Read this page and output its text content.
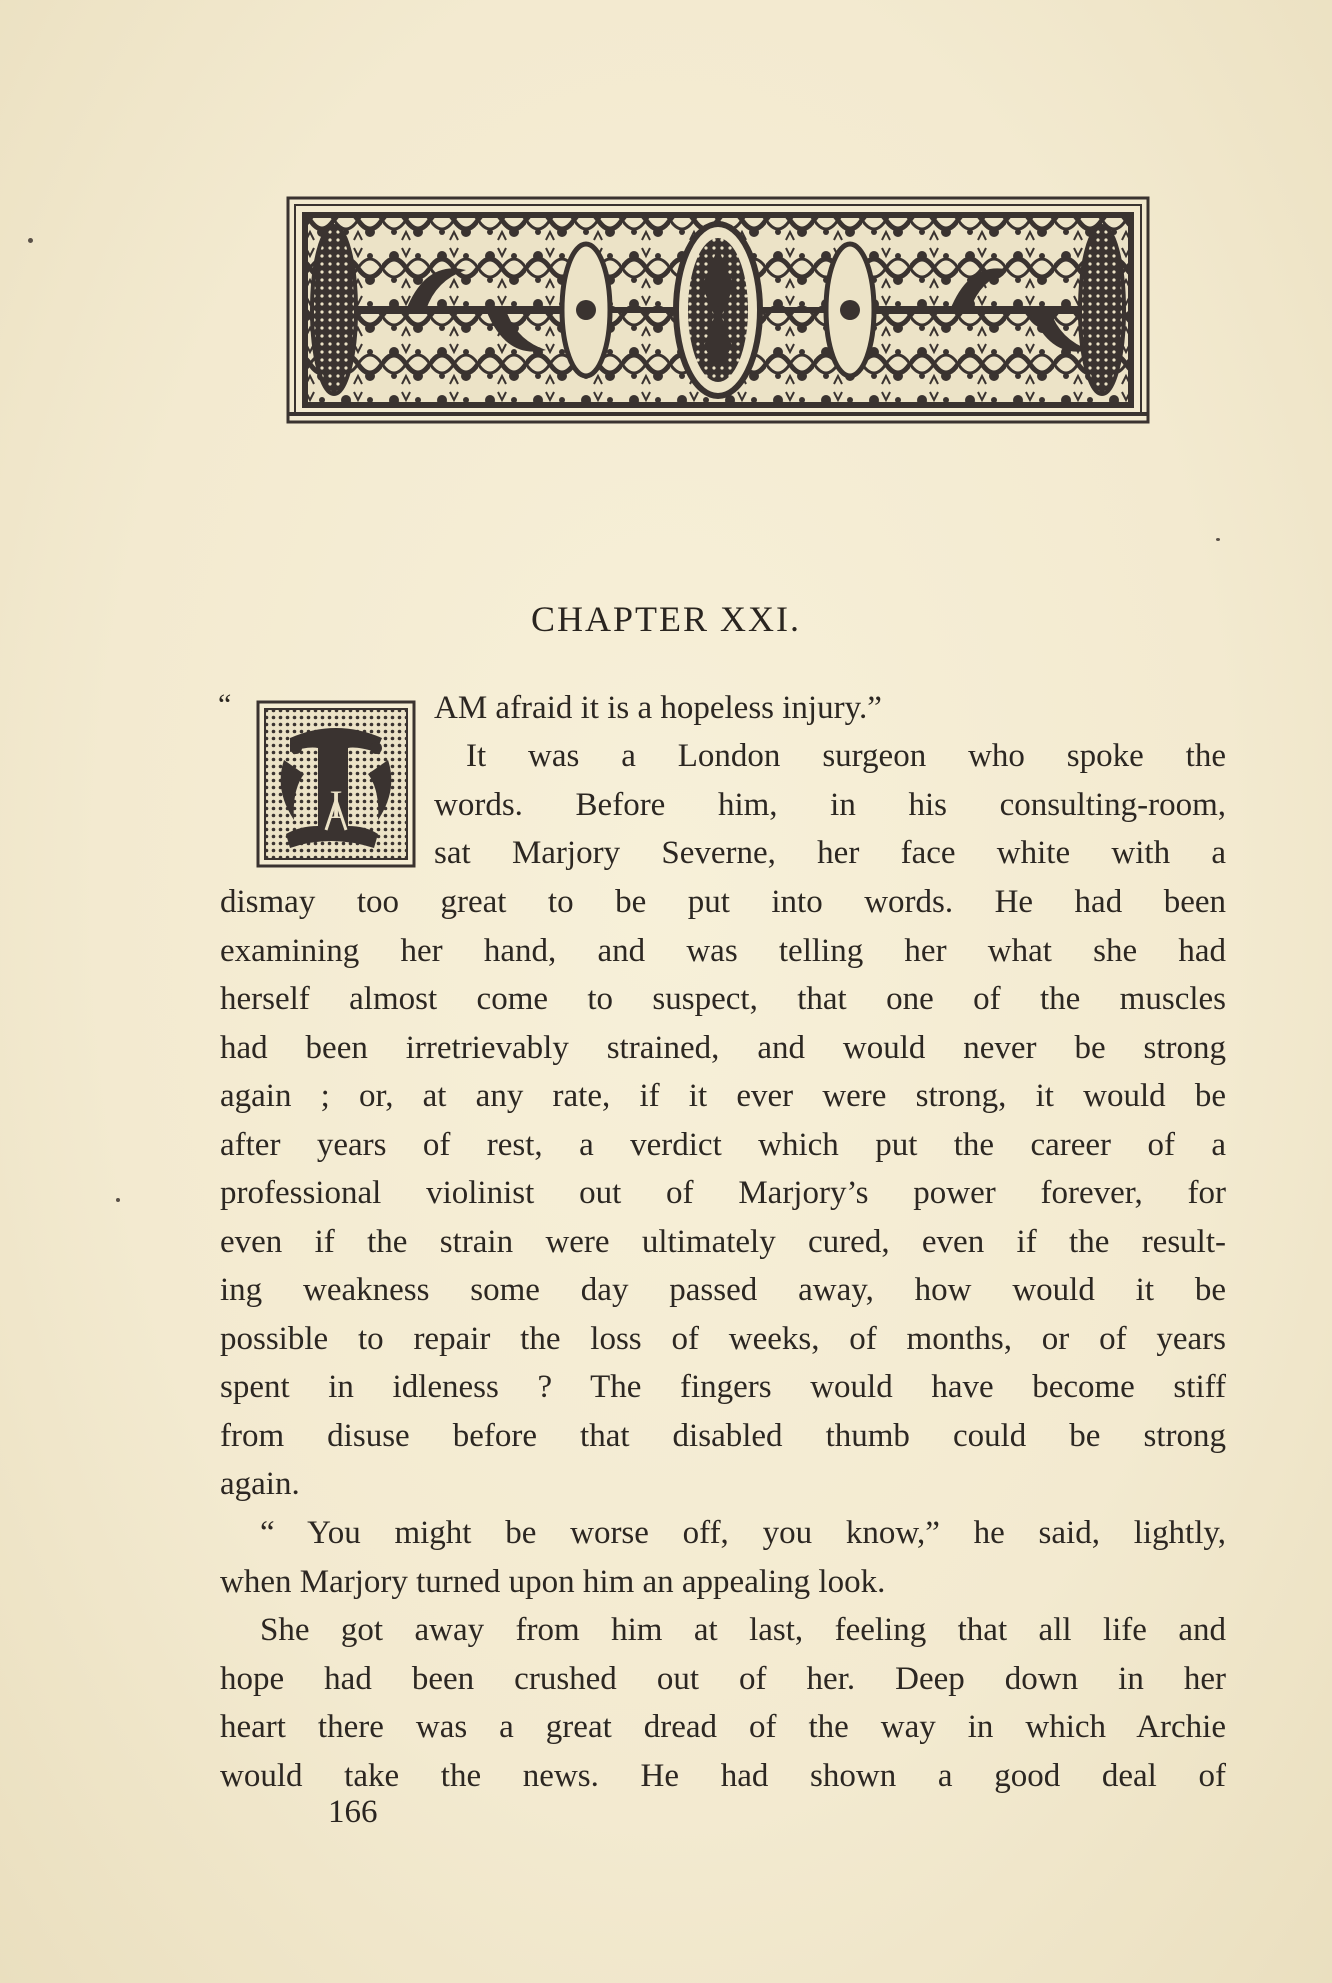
CHAPTER XXI.
“
I
AM afraid it is a hopeless injury.”
It was a London surgeon who spoke the
words. Before him, in his consulting-room,
sat Marjory Severne, her face white with a
dismay too great to be put into words. He had been
examining her hand, and was telling her what she had
herself almost come to suspect, that one of the muscles
had been irretrievably strained, and would never be strong
again ; or, at any rate, if it ever were strong, it would be
after years of rest, a verdict which put the career of a
professional violinist out of Marjory’s power forever, for
even if the strain were ultimately cured, even if the result-
ing weakness some day passed away, how would it be
possible to repair the loss of weeks, of months, or of years
spent in idleness ? The fingers would have become stiff
from disuse before that disabled thumb could be strong
again.
“ You might be worse off, you know,” he said, lightly,
when Marjory turned upon him an appealing look.
She got away from him at last, feeling that all life and
hope had been crushed out of her. Deep down in her
heart there was a great dread of the way in which Archie
would take the news. He had shown a good deal of
166
